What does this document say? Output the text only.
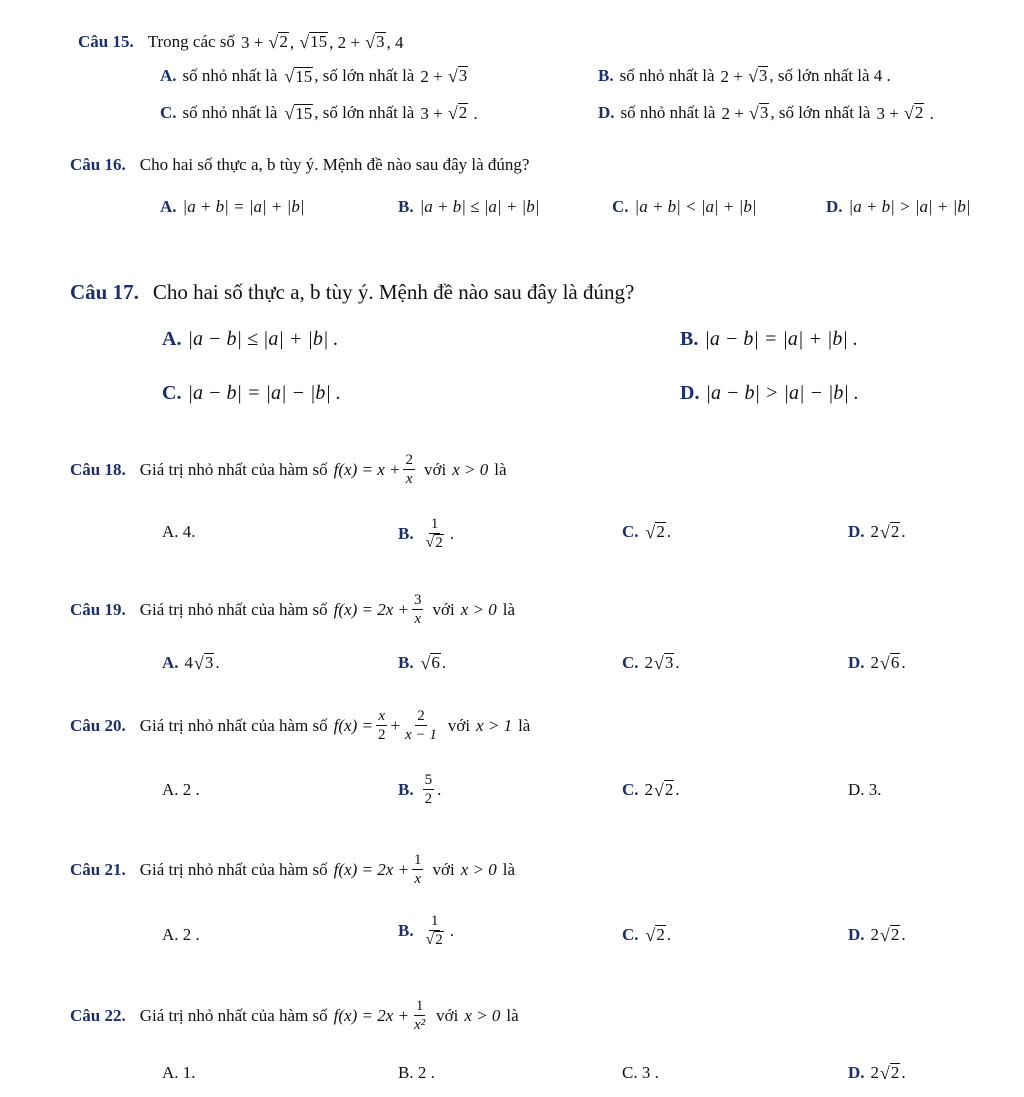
Câu 15. Trong các số 3 + √ 2 , √ 15 , 2 + √ 3 , 4
A. số nhỏ nhất là √ 15 , số lớn nhất là 2 + √ 3	B. số nhỏ nhất là 2 + √ 3 , số lớn nhất là 4 .
C. số nhỏ nhất là √ 15 , số lớn nhất là 3 + √ 2 .	D. số nhỏ nhất là 2 + √ 3 , số lớn nhất là 3 + √ 2 .
Câu 16. Cho hai số thực a, b tùy ý. Mệnh đề nào sau đây là đúng?
A. |a + b| = |a| + |b|	B. |a + b| ≤ |a| + |b|	C. |a + b| < |a| + |b|	D. |a + b| > |a| + |b|
Câu 17. Cho hai số thực a, b tùy ý. Mệnh đề nào sau đây là đúng?
A. |a − b| ≤ |a| + |b| .	B. |a − b| = |a| + |b| .
C. |a − b| = |a| − |b| .	D. |a − b| > |a| − |b| .
Câu 18. Giá trị nhỏ nhất của hàm số $f(x) = x + \frac{2}{x}$ với x > 0 là
A. 4.	B. $\frac{1}{√ 2}$ .	C. √ 2 .	D. 2 √ 2 .
Câu 19. Giá trị nhỏ nhất của hàm số $f(x) = 2x + \frac{3}{x}$ với x > 0 là
A. 4 √ 3 .	B. √ 6 .	C. 2 √ 3 .	D. 2 √ 6 .
Câu 20. Giá trị nhỏ nhất của hàm số $f(x) = \frac{x}{2} + \frac{2}{x - 1}$ với x > 1 là
A. 2 .	B. $\frac{5}{2}$ .	C. 2 √ 2 .	D. 3.
Câu 21. Giá trị nhỏ nhất của hàm số $f(x) = 2x + \frac{1}{x}$ với x > 0 là
A. 2 .	B. $\frac{1}{√ 2}$ .	C. √ 2 .	D. 2 √ 2 .
Câu 22. Giá trị nhỏ nhất của hàm số $f(x) = 2x + \frac{1}{\text{x²}}$ với x > 0 là
A. 1.	B. 2 .	C. 3 .	D. 2 √ 2 .
